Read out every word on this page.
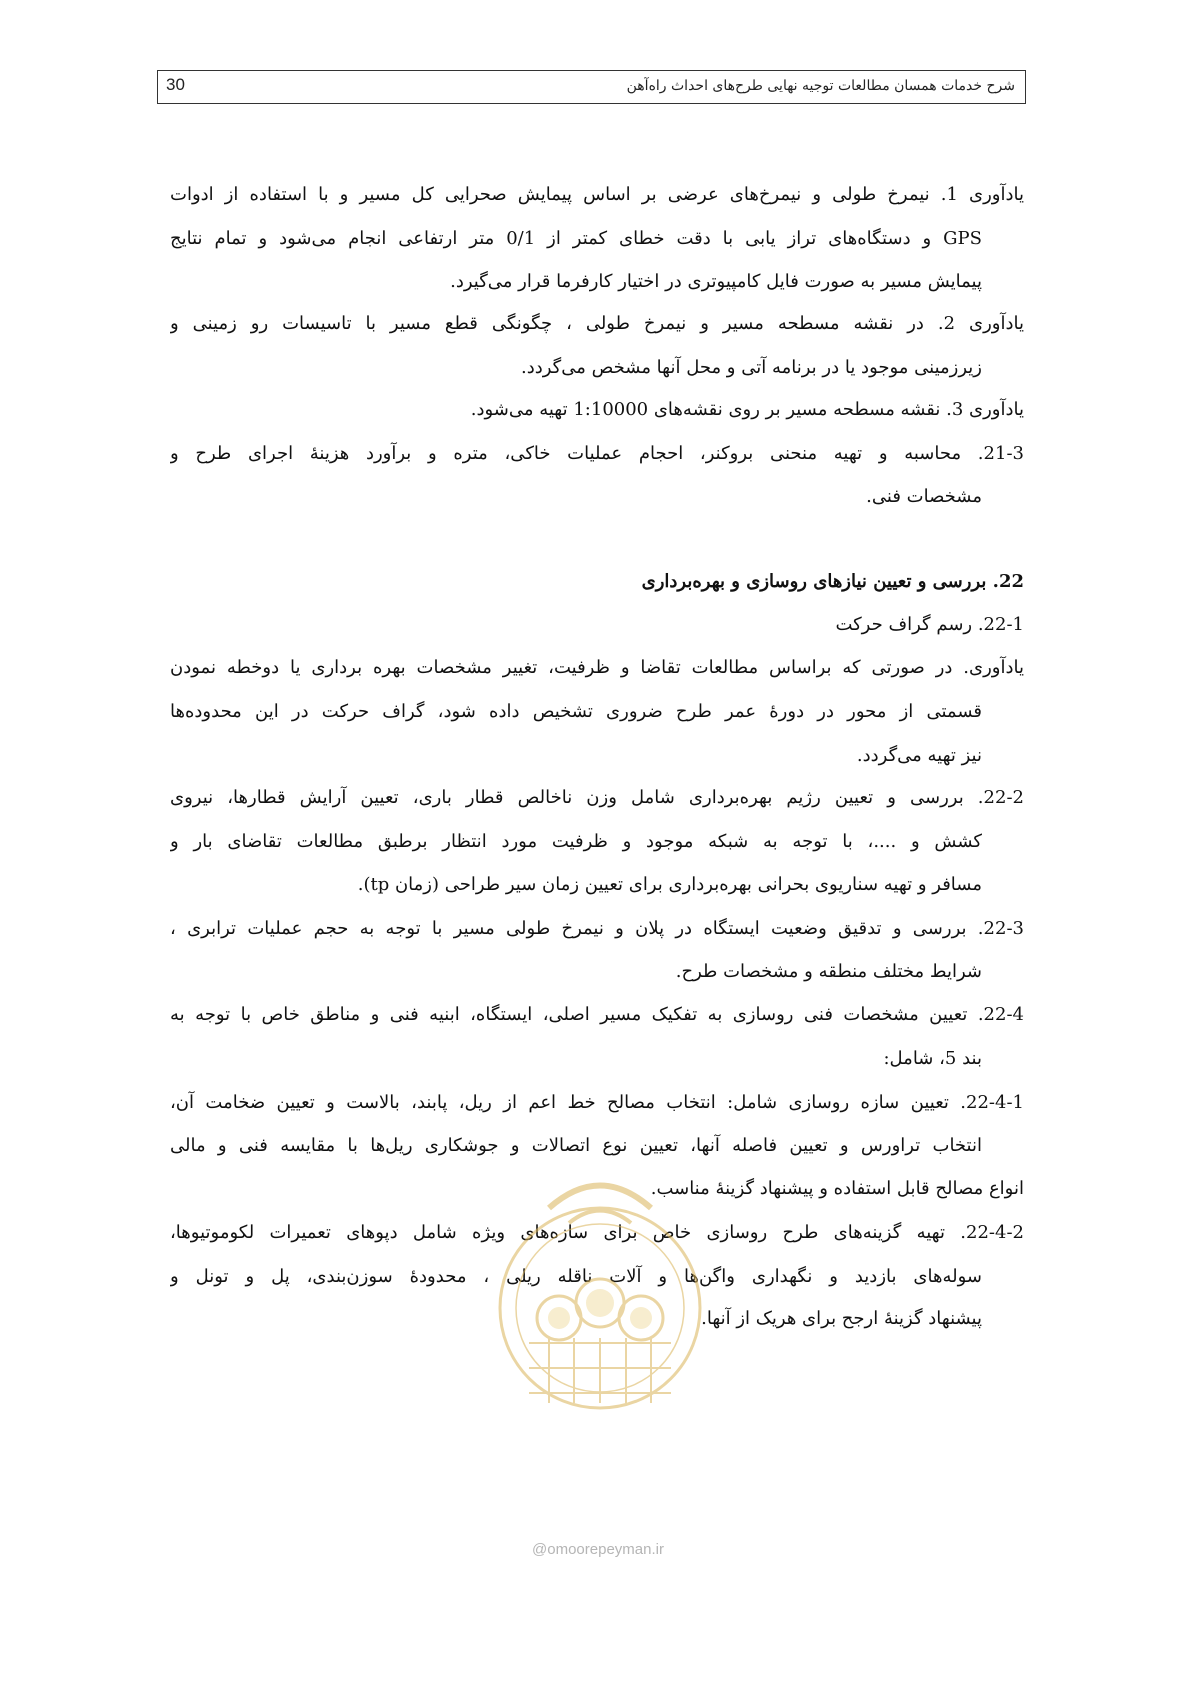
شرح خدمات همسان مطالعات توجیه نهایی طرح‌های احداث راه‌آهن
30
یادآوری 1. نیمرخ طولی و نیمرخ‌های عرضی بر اساس پیمایش صحرایی کل مسیر و با استفاده از ادوات
GPS و دستگاه‌های تراز یابی با دقت خطای کمتر از 0/1 متر ارتفاعی انجام می‌شود و تمام نتایج
پیمایش مسیر به صورت فایل کامپیوتری در اختیار کارفرما قرار می‌گیرد.
یادآوری 2. در نقشه مسطحه مسیر و نیمرخ طولی ، چگونگی قطع مسیر با تاسیسات رو زمینی و
زیرزمینی موجود یا در برنامه آتی و محل آنها مشخص می‌گردد.
یادآوری 3. نقشه مسطحه مسیر بر روی نقشه‌های 1:10000 تهیه می‌شود.
21-3. محاسبه و تهیه منحنی بروکنر، احجام عملیات خاکی، متره و برآورد هزینهٔ اجرای طرح و
مشخصات فنی.
22. بررسی و تعیین نیازهای روسازی و بهره‌برداری
22-1. رسم گراف حرکت
یادآوری. در صورتی که براساس مطالعات تقاضا و ظرفیت، تغییر مشخصات بهره برداری یا دوخطه نمودن
قسمتی از محور در دورهٔ عمر طرح ضروری تشخیص داده شود، گراف حرکت در این محدوده‌ها
نیز تهیه می‌گردد.
22-2. بررسی و تعیین رژیم بهره‌برداری شامل وزن ناخالص قطار باری، تعیین آرایش قطارها، نیروی
کشش و ....، با توجه به شبکه موجود و ظرفیت مورد انتظار برطبق مطالعات تقاضای بار و
مسافر و تهیه سناریوی بحرانی بهره‌برداری برای تعیین زمان سیر طراحی (زمان tp).
22-3. بررسی و تدقیق وضعیت ایستگاه در پلان و نیمرخ طولی مسیر با توجه به حجم عملیات ترابری ،
شرایط مختلف منطقه و مشخصات طرح.
22-4. تعیین مشخصات فنی روسازی به تفکیک مسیر اصلی، ایستگاه، ابنیه فنی و مناطق خاص با توجه به
بند 5، شامل:
22-4-1. تعیین سازه روسازی شامل: انتخاب مصالح خط اعم از ریل، پابند، بالاست و تعیین ضخامت آن،
انتخاب تراورس و تعیین فاصله آنها، تعیین نوع اتصالات و جوشکاری ریل‌ها با مقایسه فنی و مالی
انواع مصالح قابل استفاده و پیشنهاد گزینهٔ مناسب.
22-4-2. تهیه گزینه‌های طرح روسازی خاص برای سازه‌های ویژه شامل دپوهای تعمیرات لکوموتیوها،
سوله‌های بازدید و نگهداری واگن‌ها و آلات ناقله ریلی ، محدودهٔ سوزن‌بندی، پل و تونل و
پیشنهاد گزینهٔ ارجح برای هریک از آنها.
@omoorepeyman.ir
